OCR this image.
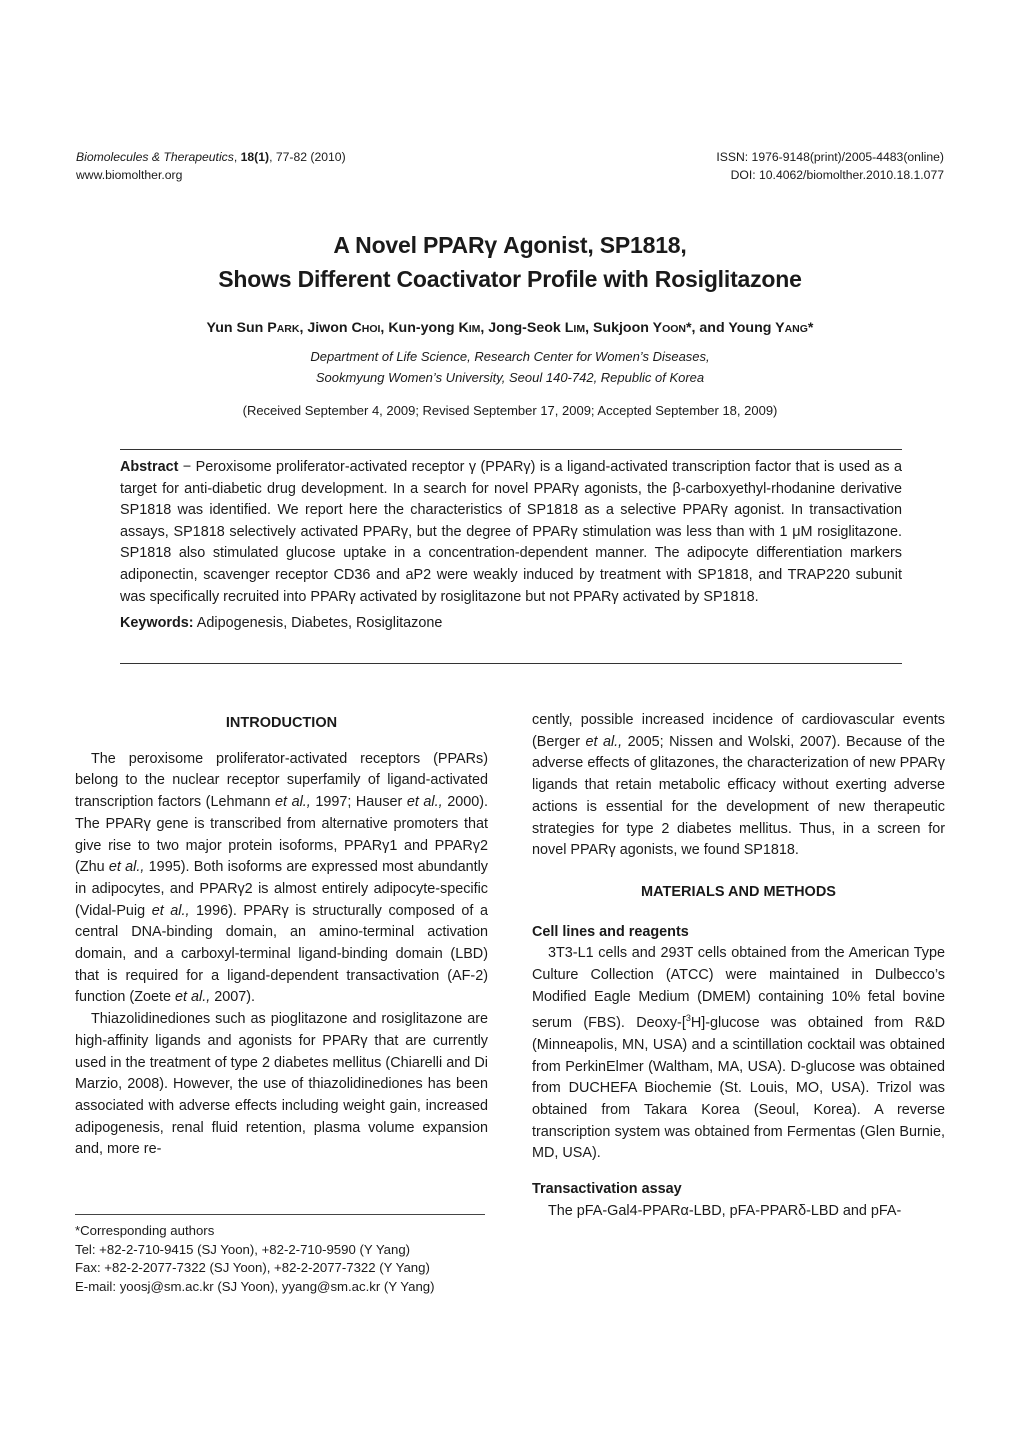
Biomolecules & Therapeutics, 18(1), 77-82 (2010)
www.biomolther.org
ISSN: 1976-9148(print)/2005-4483(online)
DOI: 10.4062/biomolther.2010.18.1.077
A Novel PPARγ Agonist, SP1818,
Shows Different Coactivator Profile with Rosiglitazone
Yun Sun PARK, Jiwon CHOI, Kun-yong KIM, Jong-Seok LIM, Sukjoon YOON*, and Young YANG*
Department of Life Science, Research Center for Women’s Diseases,
Sookmyung Women’s University, Seoul 140-742, Republic of Korea
(Received September 4, 2009; Revised September 17, 2009; Accepted September 18, 2009)

Abstract − Peroxisome proliferator-activated receptor γ (PPARγ) is a ligand-activated transcription factor that is used as a target for anti-diabetic drug development. In a search for novel PPARγ agonists, the β-carboxyethyl-rhodanine derivative SP1818 was identified. We report here the characteristics of SP1818 as a selective PPARγ agonist. In transactivation assays, SP1818 selectively activated PPARγ, but the degree of PPARγ stimulation was less than with 1 μM rosiglitazone. SP1818 also stimulated glucose uptake in a concentration-dependent manner. The adipocyte differentiation markers adiponectin, scavenger receptor CD36 and aP2 were weakly induced by treatment with SP1818, and TRAP220 subunit was specifically recruited into PPARγ activated by rosiglitazone but not PPARγ activated by SP1818.

Keywords: Adipogenesis, Diabetes, Rosiglitazone

INTRODUCTION

The peroxisome proliferator-activated receptors (PPARs) belong to the nuclear receptor superfamily of ligand-activated transcription factors (Lehmann et al., 1997; Hauser et al., 2000). The PPARγ gene is transcribed from alternative promoters that give rise to two major protein isoforms, PPARγ1 and PPARγ2 (Zhu et al., 1995). Both isoforms are expressed most abundantly in adipocytes, and PPARγ2 is almost entirely adipocyte-specific (Vidal-Puig et al., 1996). PPARγ is structurally composed of a central DNA-binding domain, an amino-terminal activation domain, and a carboxyl-terminal ligand-binding domain (LBD) that is required for a ligand-dependent transactivation (AF-2) function (Zoete et al., 2007).

Thiazolidinediones such as pioglitazone and rosiglitazone are high-affinity ligands and agonists for PPARγ that are currently used in the treatment of type 2 diabetes mellitus (Chiarelli and Di Marzio, 2008). However, the use of thiazolidinediones has been associated with adverse effects including weight gain, increased adipogenesis, renal fluid retention, plasma volume expansion and, more re-

cently, possible increased incidence of cardiovascular events (Berger et al., 2005; Nissen and Wolski, 2007). Because of the adverse effects of glitazones, the characterization of new PPARγ ligands that retain metabolic efficacy without exerting adverse actions is essential for the development of new therapeutic strategies for type 2 diabetes mellitus. Thus, in a screen for novel PPARγ agonists, we found SP1818.

MATERIALS AND METHODS
Cell lines and reagents

3T3-L1 cells and 293T cells obtained from the American Type Culture Collection (ATCC) were maintained in Dulbecco’s Modified Eagle Medium (DMEM) containing 10% fetal bovine serum (FBS). Deoxy-[$^3$H]-glucose was obtained from R&D (Minneapolis, MN, USA) and a scintillation cocktail was obtained from PerkinElmer (Waltham, MA, USA). D-glucose was obtained from DUCHEFA Biochemie (St. Louis, MO, USA). Trizol was obtained from Takara Korea (Seoul, Korea). A reverse transcription system was obtained from Fermentas (Glen Burnie, MD, USA).

Transactivation assay

The pFA-Gal4-PPARα-LBD, pFA-PPARδ-LBD and pFA-

*Corresponding authors
Tel: +82-2-710-9415 (SJ Yoon), +82-2-710-9590 (Y Yang)
Fax: +82-2-2077-7322 (SJ Yoon), +82-2-2077-7322 (Y Yang)
E-mail: yoosj@sm.ac.kr (SJ Yoon), yyang@sm.ac.kr (Y Yang)
